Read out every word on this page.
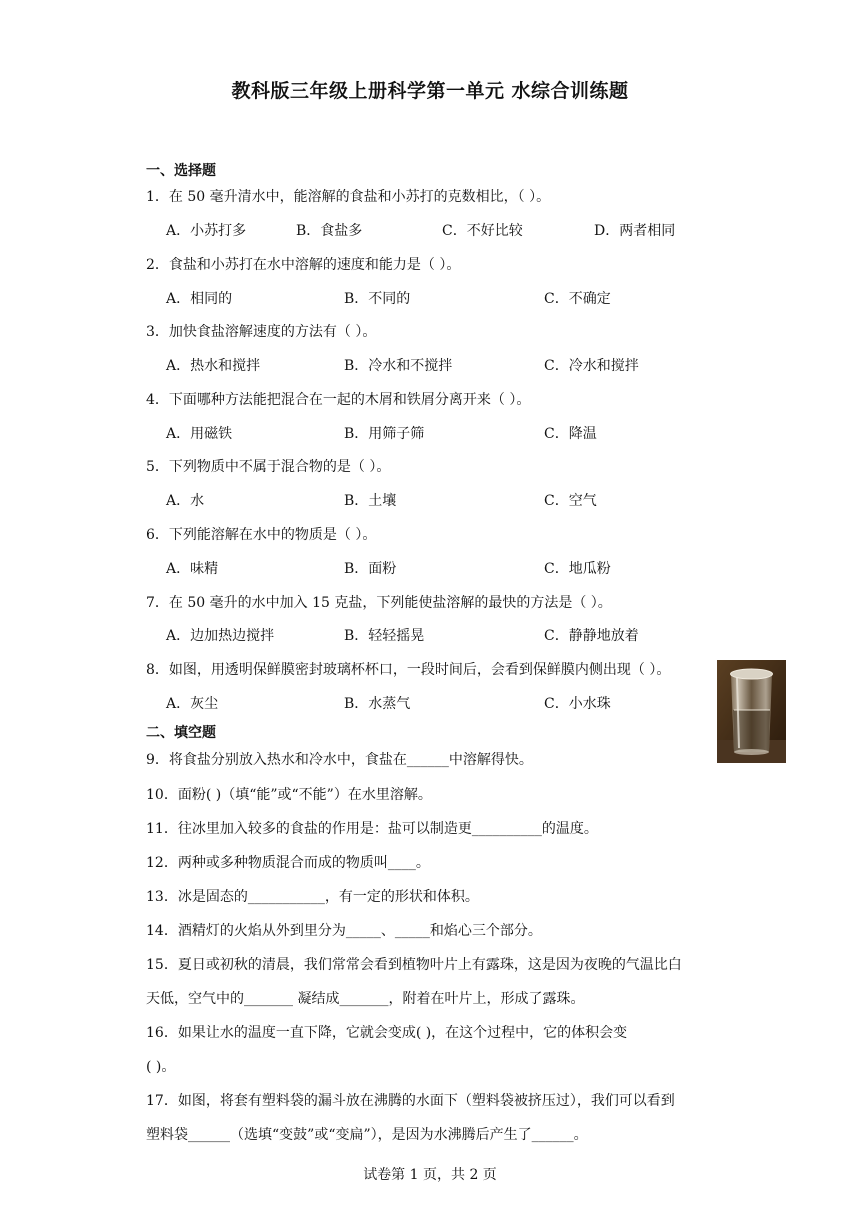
教科版三年级上册科学第一单元 水综合训练题
一、选择题
1．在 50 毫升清水中，能溶解的食盐和小苏打的克数相比，（ ）。
A．小苏打多	B．食盐多	C．不好比较	D．两者相同
2．食盐和小苏打在水中溶解的速度和能力是（ ）。
A．相同的	B．不同的	C．不确定
3．加快食盐溶解速度的方法有（ ）。
A．热水和搅拌	B．冷水和不搅拌	C．冷水和搅拌
4．下面哪种方法能把混合在一起的木屑和铁屑分离开来（ ）。
A．用磁铁	B．用筛子筛	C．降温
5．下列物质中不属于混合物的是（ ）。
A．水	B．土壤	C．空气
6．下列能溶解在水中的物质是（ ）。
A．味精	B．面粉	C．地瓜粉
7．在 50 毫升的水中加入 15 克盐，下列能使盐溶解的最快的方法是（ ）。
A．边加热边搅拌	B．轻轻摇晃	C．静静地放着
8．如图，用透明保鲜膜密封玻璃杯杯口，一段时间后，会看到保鲜膜内侧出现（ ）。
A．灰尘	B．水蒸气	C．小水珠
二、填空题
9．将食盐分别放入热水和冷水中，食盐在______中溶解得快。
10．面粉( )（填“能”或“不能”）在水里溶解。
11．往冰里加入较多的食盐的作用是：盐可以制造更__________的温度。
12．两种或多种物质混合而成的物质叫____。
13．冰是固态的___________，有一定的形状和体积。
14．酒精灯的火焰从外到里分为_____、_____和焰心三个部分。
15．夏日或初秋的清晨，我们常常会看到植物叶片上有露珠，这是因为夜晚的气温比白
天低，空气中的_______ 凝结成_______，附着在叶片上，形成了露珠。
16．如果让水的温度一直下降，它就会变成( )，在这个过程中，它的体积会变
( )。
17．如图，将套有塑料袋的漏斗放在沸腾的水面下（塑料袋被挤压过），我们可以看到
塑料袋______（选填“变鼓”或“变扁”），是因为水沸腾后产生了______。
试卷第 1 页，共 2 页
